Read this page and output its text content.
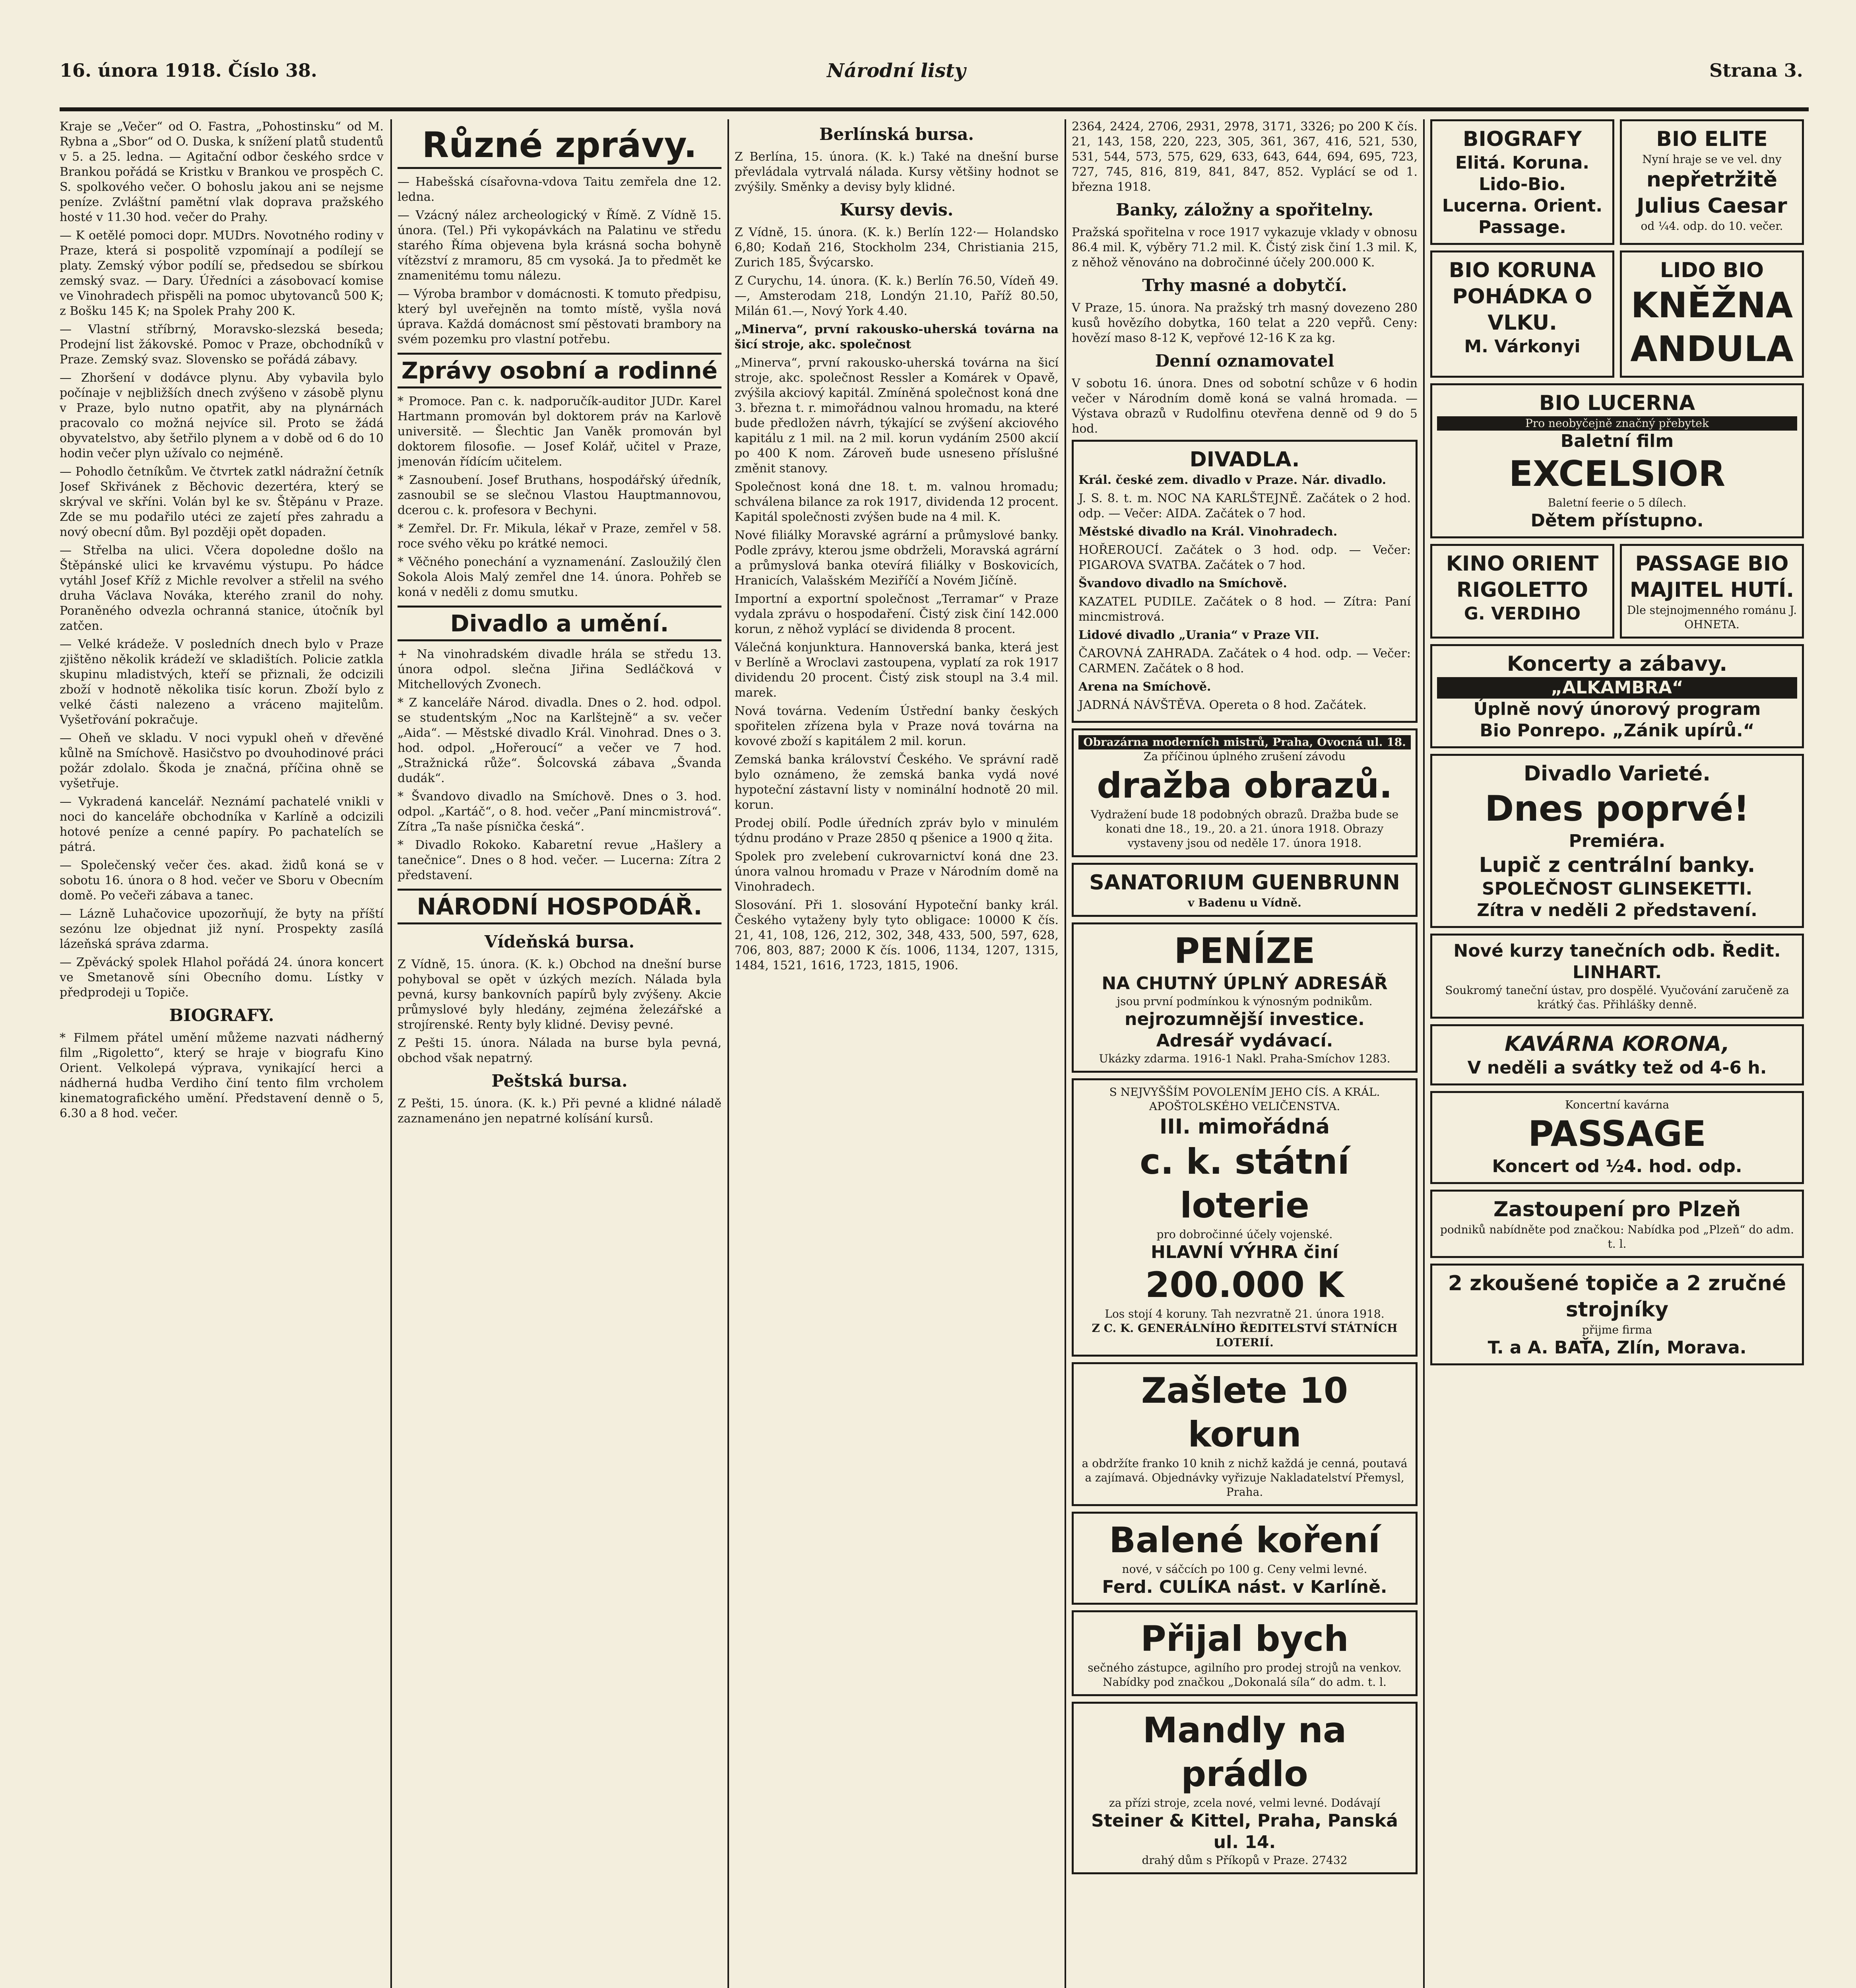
16. února 1918. Číslo 38.	Národní listy	Strana 3.

Kraje se „Večer“ od O. Fastra, „Pohostinsku“ od M. Rybna a „Sbor“ od O. Duska, k snížení platů studentů v 5. a 25. ledna. — Agitační odbor českého srdce v Brankou pořádá se Kristku v Brankou ve prospěch C. S. spolkového večer. O bohoslu jakou ani se nejsme peníze. Zvláštní pamětní vlak doprava pražského hosté v 11.30 hod. večer do Prahy.

— K oetělé pomoci dopr. MUDrs. Novotného rodiny v Praze, která si pospolitě vzpomínají a podílejí se platy. Zemský výbor podílí se, předsedou se sbírkou zemský svaz. — Dary. Úředníci a zásobovací komise ve Vinohradech přispěli na pomoc ubytovanců 500 K; z Bošku 145 K; na Spolek Prahy 200 K.

— Vlastní stříbrný, Moravsko-slezská beseda; Prodejní list žákovské. Pomoc v Praze, obchodníků v Praze. Zemský svaz. Slovensko se pořádá zábavy.

— Zhoršení v dodávce plynu. Aby vybavila bylo počínaje v nejbližších dnech zvýšeno v zásobě plynu v Praze, bylo nutno opatřit, aby na plynárnách pracovalo co možná nejvíce sil. Proto se žádá obyvatelstvo, aby šetřilo plynem a v době od 6 do 10 hodin večer plyn užívalo co nejméně.

— Pohodlo četníkům. Ve čtvrtek zatkl nádražní četník Josef Skřivánek z Běchovic dezertéra, který se skrýval ve skříni. Volán byl ke sv. Štěpánu v Praze. Zde se mu podařilo utéci ze zajetí přes zahradu a nový obecní dům. Byl později opět dopaden.

— Střelba na ulici. Včera dopoledne došlo na Štěpánské ulici ke krvavému výstupu. Po hádce vytáhl Josef Kříž z Michle revolver a střelil na svého druha Václava Nováka, kterého zranil do nohy. Poraněného odvezla ochranná stanice, útočník byl zatčen.

— Velké krádeže. V posledních dnech bylo v Praze zjištěno několik krádeží ve skladištích. Policie zatkla skupinu mladistvých, kteří se přiznali, že odcizili zboží v hodnotě několika tisíc korun. Zboží bylo z velké části nalezeno a vráceno majitelům. Vyšetřování pokračuje.

— Oheň ve skladu. V noci vypukl oheň v dřevěné kůlně na Smíchově. Hasičstvo po dvouhodinové práci požár zdolalo. Škoda je značná, příčina ohně se vyšetřuje.

— Vykradená kancelář. Neznámí pachatelé vnikli v noci do kanceláře obchodníka v Karlíně a odcizili hotové peníze a cenné papíry. Po pachatelích se pátrá.

— Společenský večer čes. akad. židů koná se v sobotu 16. února o 8 hod. večer ve Sboru v Obecním domě. Po večeři zábava a tanec.

— Lázně Luhačovice upozorňují, že byty na příští sezónu lze objednat již nyní. Prospekty zasílá lázeňská správa zdarma.

— Zpěvácký spolek Hlahol pořádá 24. února koncert ve Smetanově síni Obecního domu. Lístky v předprodeji u Topiče.

BIOGRAFY.

* Filmem přátel umění můžeme nazvati nádherný film „Rigoletto“, který se hraje v biografu Kino Orient. Velkolepá výprava, vynikající herci a nádherná hudba Verdiho činí tento film vrcholem kinematografického umění. Představení denně o 5, 6.30 a 8 hod. večer.

Různé zprávy.

— Habešská císařovna-vdova Taitu zemřela dne 12. ledna.

— Vzácný nález archeologický v Římě. Z Vídně 15. února. (Tel.) Při vykopávkách na Palatinu ve středu starého Říma objevena byla krásná socha bohyně vítězství z mramoru, 85 cm vysoká. Ja to předmět ke znamenitému tomu nálezu.

— Výroba brambor v domácnosti. K tomuto předpisu, který byl uveřejněn na tomto místě, vyšla nová úprava. Každá domácnost smí pěstovati brambory na svém pozemku pro vlastní potřebu.

Zprávy osobní a rodinné

* Promoce. Pan c. k. nadporučík-auditor JUDr. Karel Hartmann promován byl doktorem práv na Karlově universitě. — Šlechtic Jan Vaněk promován byl doktorem filosofie. — Josef Kolář, učitel v Praze, jmenován řídícím učitelem.

* Zasnoubení. Josef Bruthans, hospodářský úředník, zasnoubil se se slečnou Vlastou Hauptmannovou, dcerou c. k. profesora v Bechyni.

* Zemřel. Dr. Fr. Mikula, lékař v Praze, zemřel v 58. roce svého věku po krátké nemoci.

* Věčného ponechání a vyznamenání. Zasloužilý člen Sokola Alois Malý zemřel dne 14. února. Pohřeb se koná v neděli z domu smutku.

Divadlo a umění.

+ Na vinohradském divadle hrála se středu 13. února odpol. slečna Jiřina Sedláčková v Mitchellových Zvonech.

* Z kanceláře Národ. divadla. Dnes o 2. hod. odpol. se studentským „Noc na Karlštejně“ a sv. večer „Aida“. — Městské divadlo Král. Vinohrad. Dnes o 3. hod. odpol. „Hořeroucí“ a večer ve 7 hod. „Stražnická růže“. Šolcovská zábava „Švanda dudák“.

* Švandovo divadlo na Smíchově. Dnes o 3. hod. odpol. „Kartáč“, o 8. hod. večer „Paní mincmistrová“. Zítra „Ta naše písnička česká“.

* Divadlo Rokoko. Kabaretní revue „Hašlery a tanečnice“. Dnes o 8 hod. večer. — Lucerna: Zítra 2 představení.

NÁRODNÍ HOSPODÁŘ.
Vídeňská bursa.

Z Vídně, 15. února. (K. k.) Obchod na dnešní burse pohyboval se opět v úzkých mezích. Nálada byla pevná, kursy bankovních papírů byly zvýšeny. Akcie průmyslové byly hledány, zejména železářské a strojírenské. Renty byly klidné. Devisy pevné.

Z Pešti 15. února. Nálada na burse byla pevná, obchod však nepatrný.

Peštská bursa.

Z Pešti, 15. února. (K. k.) Při pevné a klidné náladě zaznamenáno jen nepatrné kolísání kursů.

Berlínská bursa.

Z Berlína, 15. února. (K. k.) Také na dnešní burse převládala vytrvalá nálada. Kursy většiny hodnot se zvýšily. Směnky a devisy byly klidné.

Kursy devis.

Z Vídně, 15. února. (K. k.) Berlín 122·— Holandsko 6,80; Kodaň 216, Stockholm 234, Christiania 215, Zurich 185, Švýcarsko.

Z Curychu, 14. února. (K. k.) Berlín 76.50, Vídeň 49.—, Amsterodam 218, Londýn 21.10, Paříž 80.50, Milán 61.—, Nový York 4.40.

„Minerva“, první rakousko-uherská továrna na šicí stroje, akc. společnost

„Minerva“, první rakousko-uherská továrna na šicí stroje, akc. společnost Ressler a Komárek v Opavě, zvýšila akciový kapitál. Zmíněná společnost koná dne 3. března t. r. mimořádnou valnou hromadu, na které bude předložen návrh, týkající se zvýšení akciového kapitálu z 1 mil. na 2 mil. korun vydáním 2500 akcií po 400 K nom. Zároveň bude usneseno příslušné změnit stanovy.

Společnost koná dne 18. t. m. valnou hromadu; schválena bilance za rok 1917, dividenda 12 procent. Kapitál společnosti zvýšen bude na 4 mil. K.

Nové filiálky Moravské agrární a průmyslové banky. Podle zprávy, kterou jsme obdrželi, Moravská agrární a průmyslová banka otevírá filiálky v Boskovicích, Hranicích, Valašském Meziříčí a Novém Jičíně.

Importní a exportní společnost „Terramar“ v Praze vydala zprávu o hospodaření. Čistý zisk činí 142.000 korun, z něhož vyplácí se dividenda 8 procent.

Válečná konjunktura. Hannoverská banka, která jest v Berlíně a Wroclavi zastoupena, vyplatí za rok 1917 dividendu 20 procent. Čistý zisk stoupl na 3.4 mil. marek.

Nová továrna. Vedením Ústřední banky českých spořitelen zřízena byla v Praze nová továrna na kovové zboží s kapitálem 2 mil. korun.

Zemská banka království Českého. Ve správní radě bylo oznámeno, že zemská banka vydá nové hypoteční zástavní listy v nominální hodnotě 20 mil. korun.

Prodej obilí. Podle úředních zpráv bylo v minulém týdnu prodáno v Praze 2850 q pšenice a 1900 q žita.

Spolek pro zvelebení cukrovarnictví koná dne 23. února valnou hromadu v Praze v Národním domě na Vinohradech.

Slosování. Při 1. slosování Hypoteční banky král. Českého vytaženy byly tyto obligace: 10000 K čís. 21, 41, 108, 126, 212, 302, 348, 433, 500, 597, 628, 706, 803, 887; 2000 K čís. 1006, 1134, 1207, 1315, 1484, 1521, 1616, 1723, 1815, 1906.

2364, 2424, 2706, 2931, 2978, 3171, 3326; po 200 K čís. 21, 143, 158, 220, 223, 305, 361, 367, 416, 521, 530, 531, 544, 573, 575, 629, 633, 643, 644, 694, 695, 723, 727, 745, 816, 819, 841, 847, 852. Vyplácí se od 1. března 1918.

Banky, záložny a spořitelny.

Pražská spořitelna v roce 1917 vykazuje vklady v obnosu 86.4 mil. K, výběry 71.2 mil. K. Čistý zisk činí 1.3 mil. K, z něhož věnováno na dobročinné účely 200.000 K.

Trhy masné a dobytčí.

V Praze, 15. února. Na pražský trh masný dovezeno 280 kusů hovězího dobytka, 160 telat a 220 vepřů. Ceny: hovězí maso 8-12 K, vepřové 12-16 K za kg.

Denní oznamovatel

V sobotu 16. února. Dnes od sobotní schůze v 6 hodin večer v Národním domě koná se valná hromada. — Výstava obrazů v Rudolfinu otevřena denně od 9 do 5 hod.

DIVADLA.

Král. české zem. divadlo v Praze. Nár. divadlo.

J. S. 8. t. m. NOC NA KARLŠTEJNĚ. Začátek o 2 hod. odp. — Večer: AIDA. Začátek o 7 hod.

Městské divadlo na Král. Vinohradech.

HOŘEROUCÍ. Začátek o 3 hod. odp. — Večer: PIGAROVA SVATBA. Začátek o 7 hod.

Švandovo divadlo na Smíchově.

KAZATEL PUDILE. Začátek o 8 hod. — Zítra: Paní mincmistrová.

Lidové divadlo „Urania“ v Praze VII.

ČAROVNÁ ZAHRADA. Začátek o 4 hod. odp. — Večer: CARMEN. Začátek o 8 hod.

Arena na Smíchově.

JADRNÁ NÁVŠTĚVA. Opereta o 8 hod. Začátek.

Obrazárna moderních mistrů, Praha, Ovocná ul. 18.
Za příčinou úplného zrušení závodu
dražba obrazů.
Vydražení bude 18 podobných obrazů. Dražba bude se konati dne 18., 19., 20. a 21. února 1918. Obrazy vystaveny jsou od neděle 17. února 1918.
SANATORIUM GUENBRUNN
v Badenu u Vídně.
PENÍZE
NA CHUTNÝ ÚPLNÝ ADRESÁŘ
jsou první podmínkou k výnosným podnikům.
nejrozumnější investice.
Adresář vydávací.
Ukázky zdarma. 1916-1 Nakl. Praha-Smíchov 1283.
S NEJVYŠŠÍM POVOLENÍM JEHO CÍS. A KRÁL. APOŠTOLSKÉHO VELIČENSTVA.
III. mimořádná
c. k. státní loterie
pro dobročinné účely vojenské.
HLAVNÍ VÝHRA činí
200.000 K
Los stojí 4 koruny. Tah nezvratně 21. února 1918.
Z C. K. GENERÁLNÍHO ŘEDITELSTVÍ STÁTNÍCH LOTERIÍ.
Zašlete 10 korun
a obdržíte franko 10 knih z nichž každá je cenná, poutavá a zajímavá. Objednávky vyřizuje Nakladatelství Přemysl, Praha.
Balené koření
nové, v sáčcích po 100 g. Ceny velmi levné.
Ferd. CULÍKA nást. v Karlíně.
Přijal bych
sečného zástupce, agilního pro prodej strojů na venkov. Nabídky pod značkou „Dokonalá síla“ do adm. t. l.
Mandly na prádlo
za přízi stroje, zcela nové, velmi levné. Dodávají
Steiner & Kittel, Praha, Panská ul. 14.
drahý dům s Příkopů v Praze. 27432
BIOGRAFY
Elitá. Koruna. Lido-Bio. Lucerna. Orient. Passage.
BIO ELITE
Nyní hraje se ve vel. dny
nepřetržitě
Julius Caesar
od ¼4. odp. do 10. večer.
BIO KORUNA
POHÁDKA O VLKU.
M. Várkonyi
LIDO BIO
KNĚŽNA ANDULA
BIO LUCERNA
Pro neobyčejně značný přebytek
Baletní film
EXCELSIOR
Baletní feerie o 5 dílech.
Dětem přístupno.
KINO ORIENT
RIGOLETTO
G. VERDIHO
PASSAGE BIO
MAJITEL HUTÍ.
Dle stejnojmenného románu J. OHNETA.
Koncerty a zábavy.
„ALKAMBRA“
Úplně nový únorový program
Bio Ponrepo. „Zánik upírů.“
Divadlo Varieté.
Dnes poprvé!
Premiéra.
Lupič z centrální banky.
SPOLEČNOST GLINSEKETTI.
Zítra v neděli 2 představení.
Nové kurzy tanečních odb. Ředit. LINHART.
Soukromý taneční ústav, pro dospělé. Vyučování zaručeně za krátký čas. Přihlášky denně.
KAVÁRNA KORONA,
V neděli a svátky tež od 4-6 h.
Koncertní kavárna
PASSAGE
Koncert od ½4. hod. odp.
Zastoupení pro Plzeň
podniků nabídněte pod značkou: Nabídka pod „Plzeň“ do adm. t. l.
2 zkoušené topiče a 2 zručné strojníky
přijme firma
T. a A. BAŤA, Zlín, Morava.
